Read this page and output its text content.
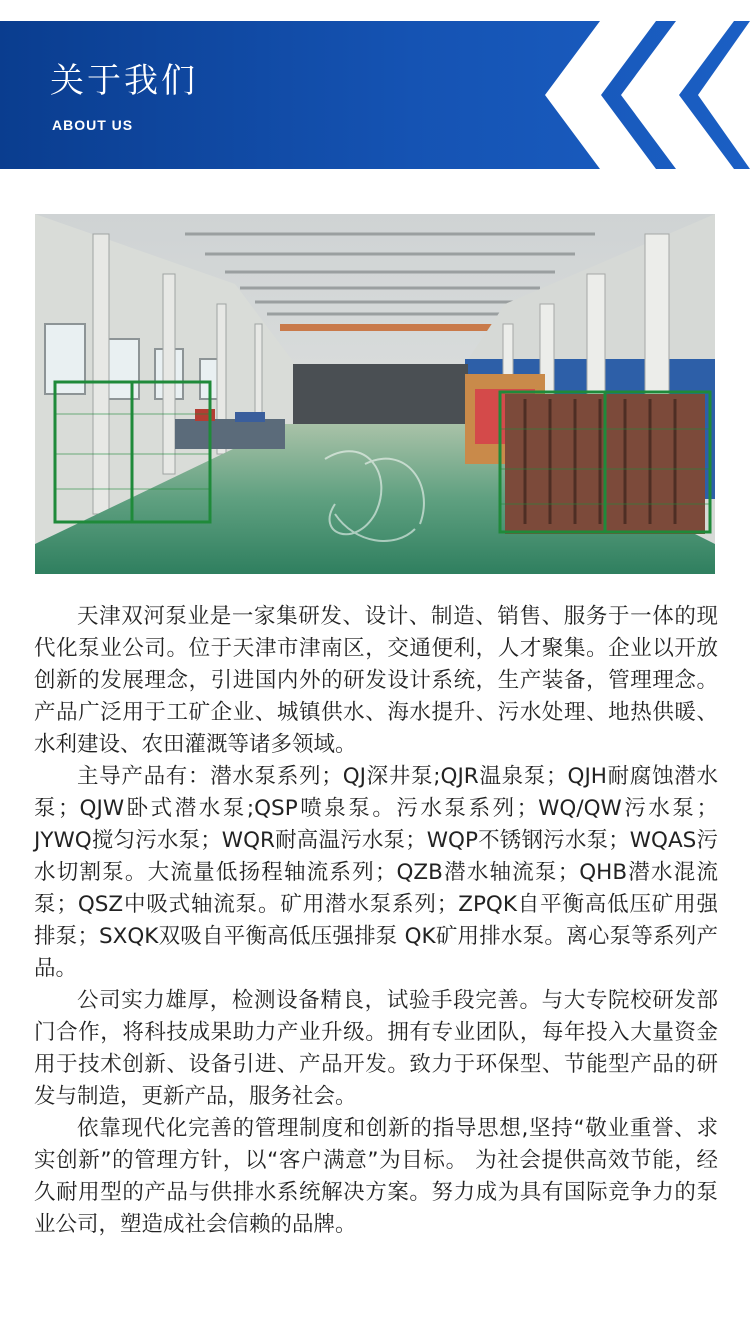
关于我们
ABOUT US

天津双河泵业是一家集研发、设计、制造、销售、服务于一体的现代化泵业公司。位于天津市津南区，交通便利，人才聚集。企业以开放创新的发展理念，引进国内外的研发设计系统，生产装备，管理理念。产品广泛用于工矿企业、城镇供水、海水提升、污水处理、地热供暖、水利建设、农田灌溉等诸多领域。

主导产品有：潜水泵系列；QJ深井泵;QJR温泉泵；QJH耐腐蚀潜水泵；QJW卧式潜水泵;QSP喷泉泵。污水泵系列；WQ/QW污水泵；JYWQ搅匀污水泵；WQR耐高温污水泵；WQP不锈钢污水泵；WQAS污水切割泵。大流量低扬程轴流系列；QZB潜水轴流泵；QHB潜水混流泵；QSZ中吸式轴流泵。矿用潜水泵系列；ZPQK自平衡高低压矿用强排泵；SXQK双吸自平衡高低压强排泵 QK矿用排水泵。离心泵等系列产品。

公司实力雄厚，检测设备精良，试验手段完善。与大专院校研发部门合作，将科技成果助力产业升级。拥有专业团队，每年投入大量资金用于技术创新、设备引进、产品开发。致力于环保型、节能型产品的研发与制造，更新产品，服务社会。

依靠现代化完善的管理制度和创新的指导思想,坚持“敬业重誉、求实创新”的管理方针，以“客户满意”为目标。 为社会提供高效节能，经久耐用型的产品与供排水系统解决方案。努力成为具有国际竞争力的泵业公司，塑造成社会信赖的品牌。
